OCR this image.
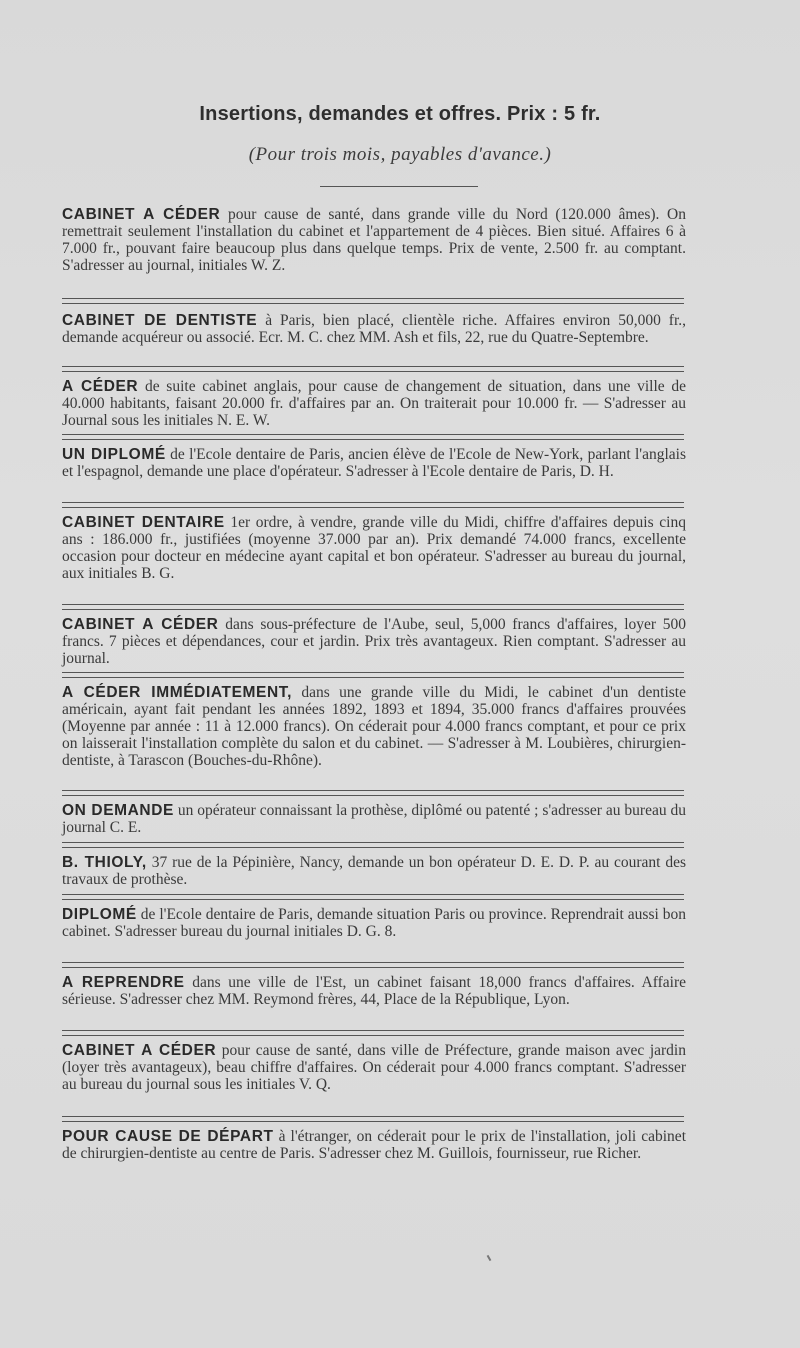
Insertions, demandes et offres. Prix : 5 fr.
(Pour trois mois, payables d'avance.)
CABINET A CÉDER pour cause de santé, dans grande ville du Nord (120.000 âmes). On remettrait seulement l'installation du cabinet et l'appartement de 4 pièces. Bien situé. Affaires 6 à 7.000 fr., pouvant faire beaucoup plus dans quelque temps. Prix de vente, 2.500 fr. au comptant. S'adresser au journal, initiales W. Z.
CABINET DE DENTISTE à Paris, bien placé, clientèle riche. Affaires environ 50,000 fr., demande acquéreur ou associé. Ecr. M. C. chez MM. Ash et fils, 22, rue du Quatre-Septembre.
A CÉDER de suite cabinet anglais, pour cause de changement de situation, dans une ville de 40.000 habitants, faisant 20.000 fr. d'affaires par an. On traiterait pour 10.000 fr. — S'adresser au Journal sous les initiales N. E. W.
UN DIPLOMÉ de l'Ecole dentaire de Paris, ancien élève de l'Ecole de New-York, parlant l'anglais et l'espagnol, demande une place d'opérateur. S'adresser à l'Ecole dentaire de Paris, D. H.
CABINET DENTAIRE 1er ordre, à vendre, grande ville du Midi, chiffre d'affaires depuis cinq ans : 186.000 fr., justifiées (moyenne 37.000 par an). Prix demandé 74.000 francs, excellente occasion pour docteur en médecine ayant capital et bon opérateur. S'adresser au bureau du journal, aux initiales B. G.
CABINET A CÉDER dans sous-préfecture de l'Aube, seul, 5,000 francs d'affaires, loyer 500 francs. 7 pièces et dépendances, cour et jardin. Prix très avantageux. Rien comptant. S'adresser au journal.
A CÉDER IMMÉDIATEMENT, dans une grande ville du Midi, le cabinet d'un dentiste américain, ayant fait pendant les années 1892, 1893 et 1894, 35.000 francs d'affaires prouvées (Moyenne par année : 11 à 12.000 francs). On céderait pour 4.000 francs comptant, et pour ce prix on laisserait l'installation complète du salon et du cabinet. — S'adresser à M. Loubières, chirurgien-dentiste, à Tarascon (Bouches-du-Rhône).
ON DEMANDE un opérateur connaissant la prothèse, diplômé ou patenté ; s'adresser au bureau du journal C. E.
B. THIOLY, 37 rue de la Pépinière, Nancy, demande un bon opérateur D. E. D. P. au courant des travaux de prothèse.
DIPLOMÉ de l'Ecole dentaire de Paris, demande situation Paris ou province. Reprendrait aussi bon cabinet. S'adresser bureau du journal initiales D. G. 8.
A REPRENDRE dans une ville de l'Est, un cabinet faisant 18,000 francs d'affaires. Affaire sérieuse. S'adresser chez MM. Reymond frères, 44, Place de la République, Lyon.
CABINET A CÉDER pour cause de santé, dans ville de Préfecture, grande maison avec jardin (loyer très avantageux), beau chiffre d'affaires. On céderait pour 4.000 francs comptant. S'adresser au bureau du journal sous les initiales V. Q.
POUR CAUSE DE DÉPART à l'étranger, on céderait pour le prix de l'installation, joli cabinet de chirurgien-dentiste au centre de Paris. S'adresser chez M. Guillois, fournisseur, rue Richer.
